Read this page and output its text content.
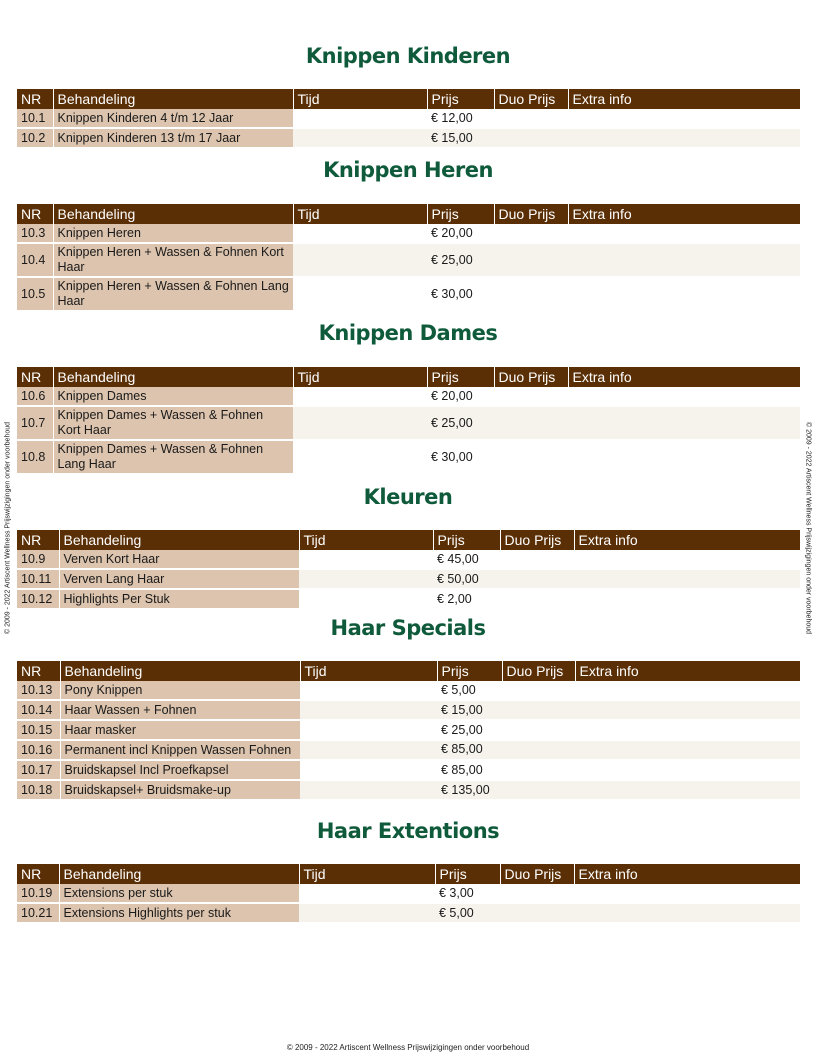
Knippen Kinderen
NR	Behandeling	Tijd	Prijs	Duo Prijs	Extra info
10.1	Knippen Kinderen 4 t/m 12 Jaar		€ 12,00		
10.2	Knippen Kinderen 13 t/m 17 Jaar		€ 15,00		
Knippen Heren
NR	Behandeling	Tijd	Prijs	Duo Prijs	Extra info
10.3	Knippen Heren		€ 20,00		
10.4	Knippen Heren + Wassen & Fohnen Kort Haar		€ 25,00		
10.5	Knippen Heren + Wassen & Fohnen Lang Haar		€ 30,00		
Knippen Dames
NR	Behandeling	Tijd	Prijs	Duo Prijs	Extra info
10.6	Knippen Dames		€ 20,00		
10.7	Knippen Dames + Wassen & Fohnen Kort Haar		€ 25,00		
10.8	Knippen Dames + Wassen & Fohnen Lang Haar		€ 30,00		
Kleuren
NR	Behandeling	Tijd	Prijs	Duo Prijs	Extra info
10.9	Verven Kort Haar		€ 45,00		
10.11	Verven Lang Haar		€ 50,00		
10.12	Highlights Per Stuk		€ 2,00		
Haar Specials
NR	Behandeling	Tijd	Prijs	Duo Prijs	Extra info
10.13	Pony Knippen		€ 5,00		
10.14	Haar Wassen + Fohnen		€ 15,00		
10.15	Haar masker		€ 25,00		
10.16	Permanent incl Knippen Wassen Fohnen		€ 85,00		
10.17	Bruidskapsel Incl Proefkapsel		€ 85,00		
10.18	Bruidskapsel+ Bruidsmake-up		€ 135,00		
Haar Extentions
NR	Behandeling	Tijd	Prijs	Duo Prijs	Extra info
10.19	Extensions per stuk		€ 3,00		
10.21	Extensions Highlights per stuk		€ 5,00		
© 2009 - 2022 Artiscent Wellness Prijswijzigingen onder voorbehoud	© 2009 - 2022 Artiscent Wellness Prijswijzigingen onder voorbehoud
© 2009 - 2022 Artiscent Wellness Prijswijzigingen onder voorbehoud
